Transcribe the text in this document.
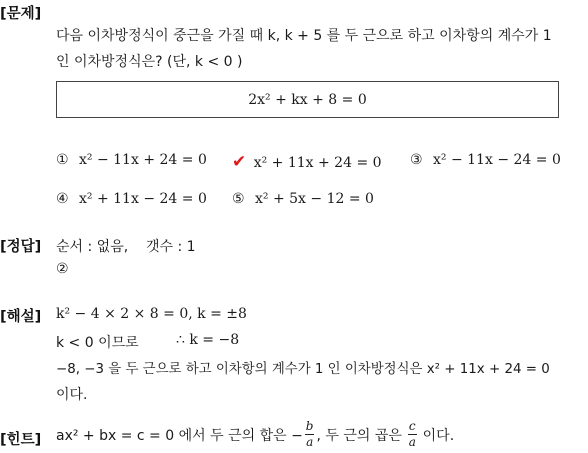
[문제]
다음 이차방정식이 중근을 가질 때 k, k + 5 를 두 근으로 하고 이차항의 계수가 1
인 이차방정식은? (단, k < 0 )
2x² + kx + 8 = 0
① x² − 11x + 24 = 0 ✔ x² + 11x + 24 = 0 ③ x² − 11x − 24 = 0
④ x² + 11x − 24 = 0 ⑤ x² + 5x − 12 = 0
[정답] 순서 : 없음,    갯수 : 1
②
[해설] k² − 4 × 2 × 8 = 0, k = ±8
k < 0 이므로	∴ k = −8
−8, −3 을 두 근으로 하고 이차항의 계수가 1 인 이차방정식은 x² + 11x + 24 = 0
이다.
[힌트] ax² + bx = c = 0 에서 두 근의 합은 − $\frac{b}{a}$ , 두 근의 곱은 $\frac{c}{a}$ 이다.
